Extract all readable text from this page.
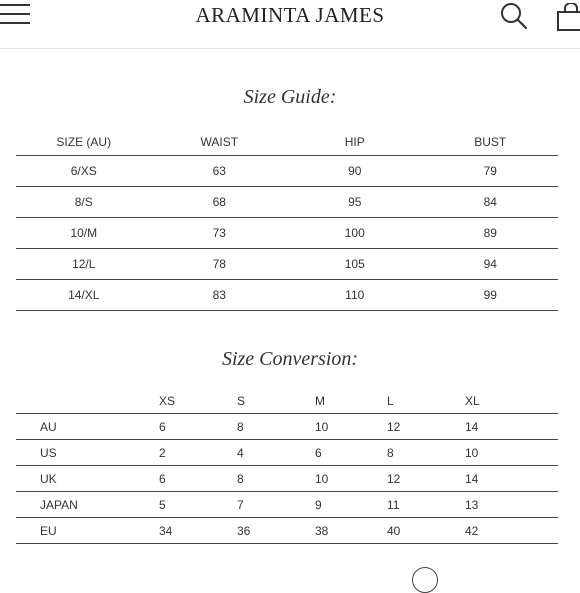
ARAMINTA JAMES
Size Guide:
SIZE (AU)	WAIST	HIP	BUST
6/XS	63	90	79
8/S	68	95	84
10/M	73	100	89
12/L	78	105	94
14/XL	83	110	99
Size Conversion:
	XS	S	M	L	XL
AU	6	8	10	12	14
US	2	4	6	8	10
UK	6	8	10	12	14
JAPAN	5	7	9	11	13
EU	34	36	38	40	42
